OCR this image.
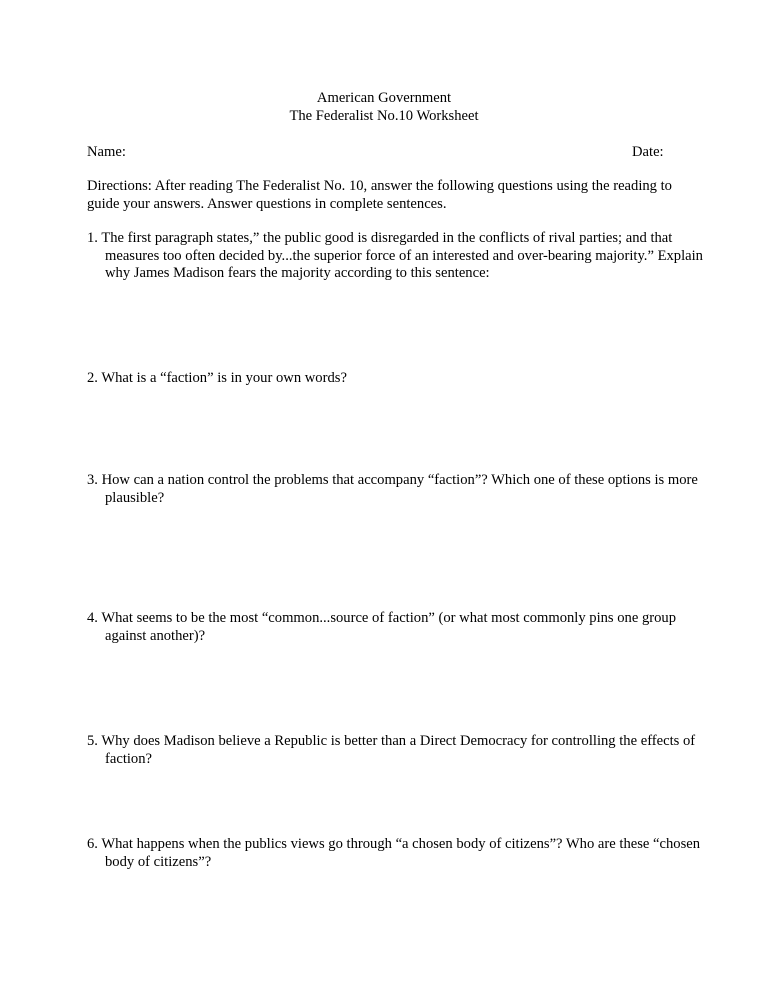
American Government
The Federalist No.10 Worksheet
Name:	Date:
Directions: After reading The Federalist No. 10, answer the following questions using the reading to guide your answers. Answer questions in complete sentences.
1. The first paragraph states,” the public good is disregarded in the conflicts of rival parties; and that measures too often decided by...the superior force of an interested and over-bearing majority.” Explain why James Madison fears the majority according to this sentence:
2. What is a “faction” is in your own words?
3. How can a nation control the problems that accompany “faction”? Which one of these options is more plausible?
4. What seems to be the most “common...source of faction” (or what most commonly pins one group against another)?
5. Why does Madison believe a Republic is better than a Direct Democracy for controlling the effects of faction?
6. What happens when the publics views go through “a chosen body of citizens”? Who are these “chosen body of citizens”?
